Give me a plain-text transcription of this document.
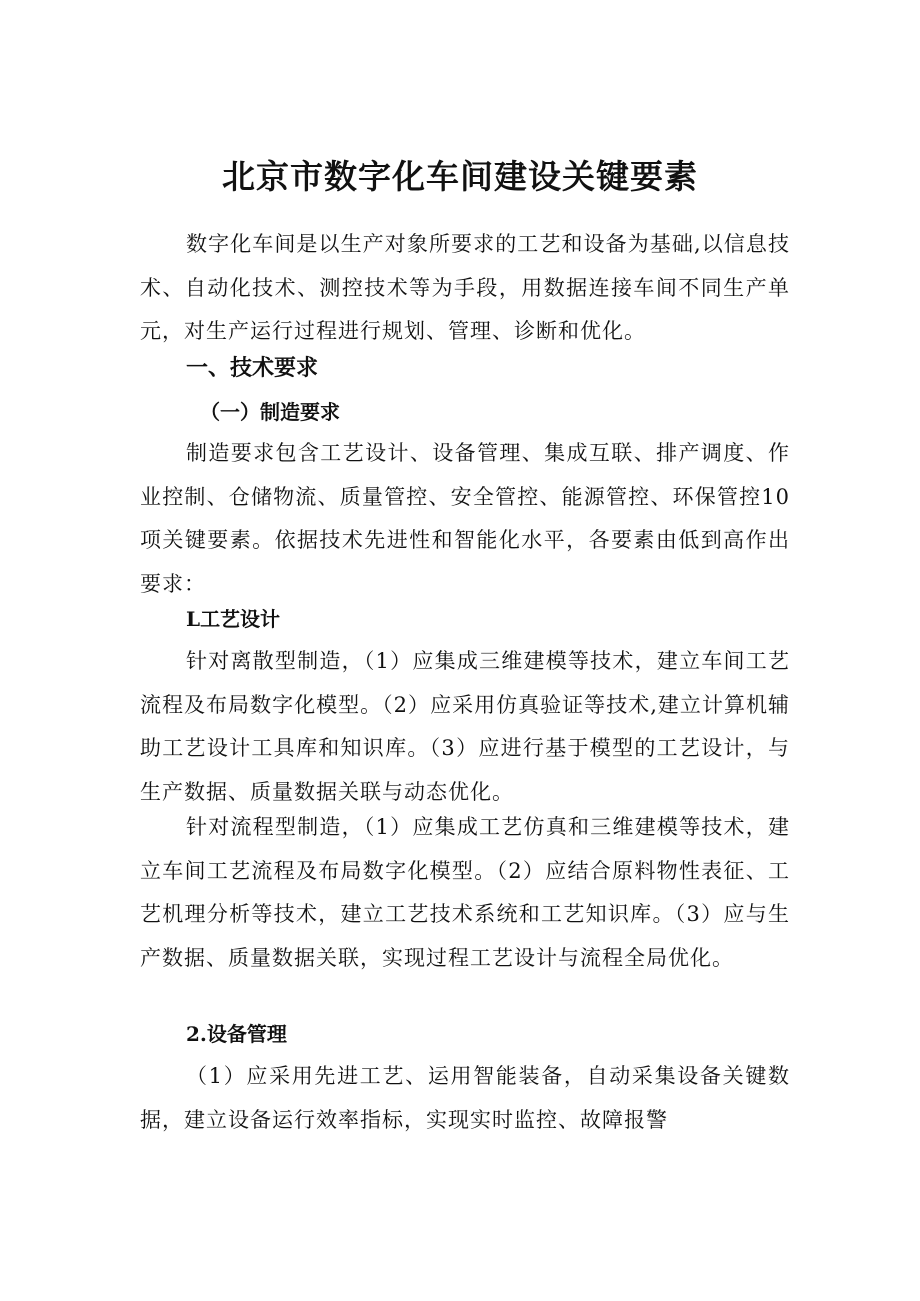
北京市数字化车间建设关键要素

数字化车间是以生产对象所要求的工艺和设备为基础,以信息技术、自动化技术、测控技术等为手段，用数据连接车间不同生产单元，对生产运行过程进行规划、管理、诊断和优化。

一、技术要求
（一）制造要求

制造要求包含工艺设计、设备管理、集成互联、排产调度、作业控制、仓储物流、质量管控、安全管控、能源管控、环保管控10项关键要素。依据技术先进性和智能化水平，各要素由低到高作出要求：

L工艺设计

针对离散型制造，（1）应集成三维建模等技术，建立车间工艺流程及布局数字化模型。（2）应采用仿真验证等技术,建立计算机辅助工艺设计工具库和知识库。（3）应进行基于模型的工艺设计，与生产数据、质量数据关联与动态优化。

针对流程型制造，（1）应集成工艺仿真和三维建模等技术，建立车间工艺流程及布局数字化模型。（2）应结合原料物性表征、工艺机理分析等技术，建立工艺技术系统和工艺知识库。（3）应与生产数据、质量数据关联，实现过程工艺设计与流程全局优化。

2.设备管理

（1）应采用先进工艺、运用智能装备，自动采集设备关键数据，建立设备运行效率指标，实现实时监控、故障报警
